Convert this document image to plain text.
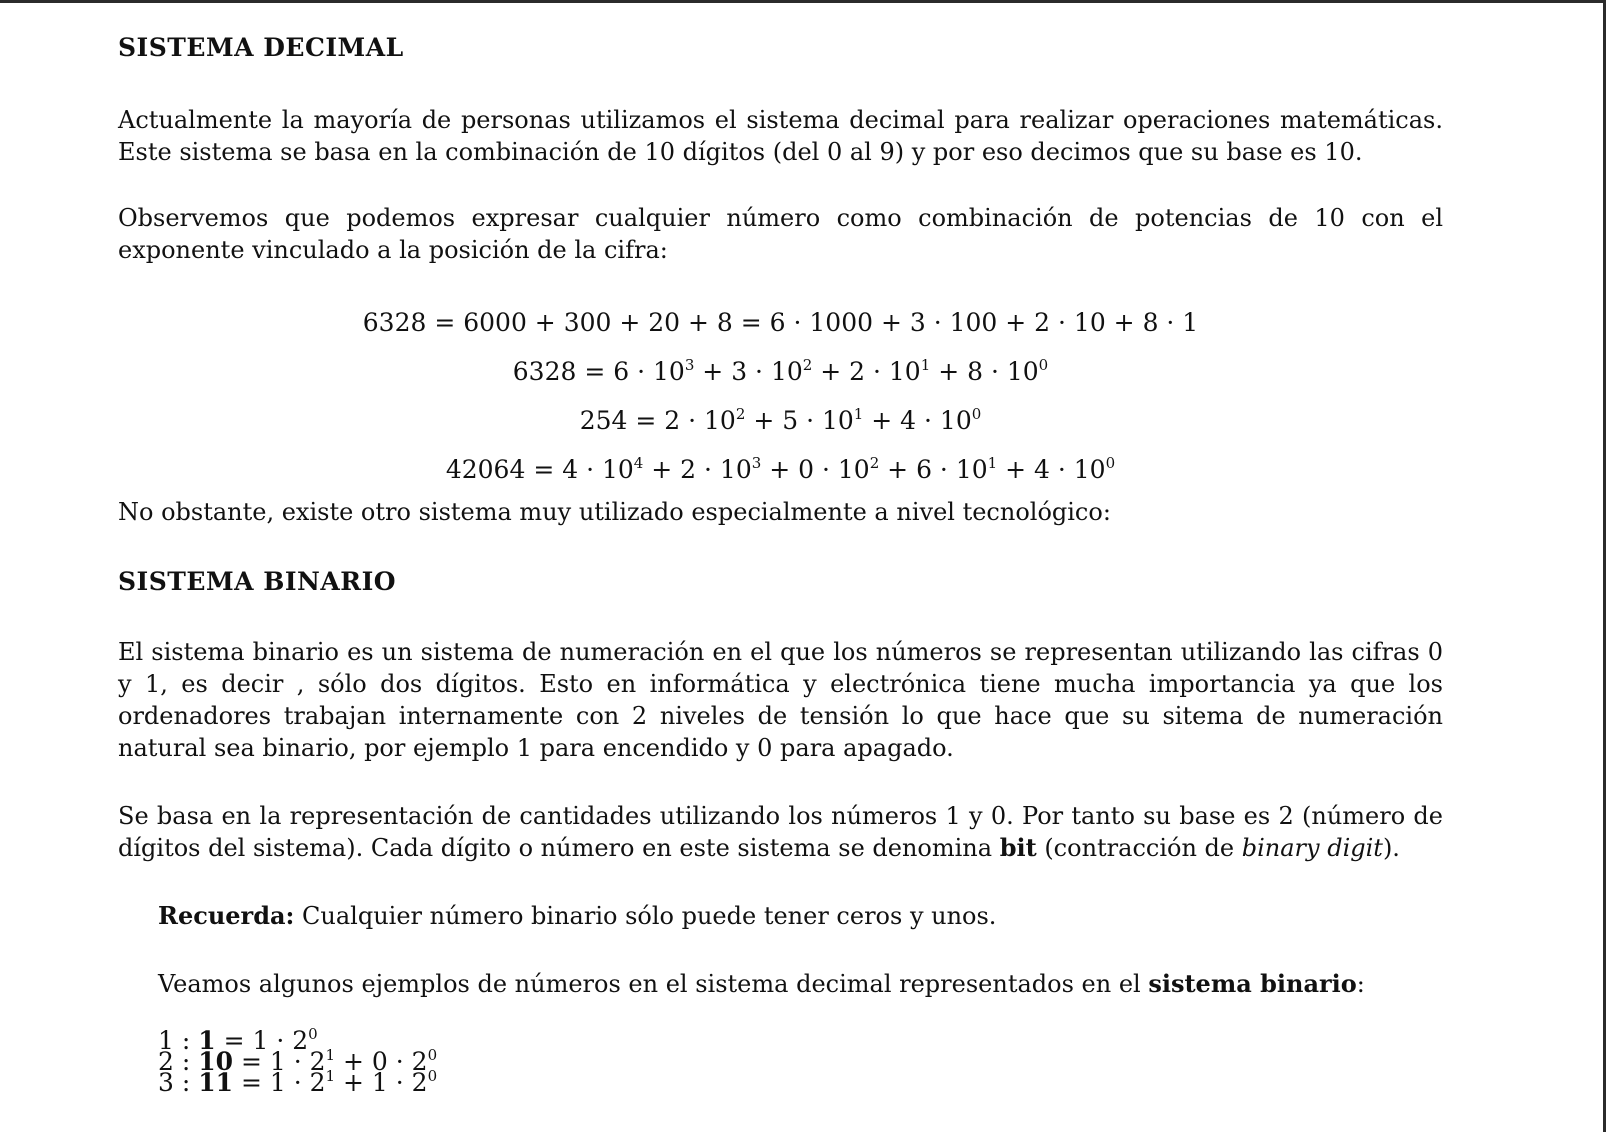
SISTEMA DECIMAL

Actualmente la mayoría de personas utilizamos el sistema decimal para realizar operaciones matemáticas. Este sistema se basa en la combinación de 10 dígitos (del 0 al 9) y por eso decimos que su base es 10.

Observemos que podemos expresar cualquier número como combinación de potencias de 10 con el exponente vinculado a la posición de la cifra:

6328 = 6000 + 300 + 20 + 8 = 6 · 1000 + 3 · 100 + 2 · 10 + 8 · 1
$6328 = 6 \cdot 10^3 + 3 \cdot 10^2 + 2 \cdot 10^1 + 8 \cdot 10^0$
$254 = 2 \cdot 10^2 + 5 \cdot 10^1 + 4 \cdot 10^0$
$42064 = 4 \cdot 10^4 + 2 \cdot 10^3 + 0 \cdot 10^2 + 6 \cdot 10^1 + 4 \cdot 10^0$

No obstante, existe otro sistema muy utilizado especialmente a nivel tecnológico:

SISTEMA BINARIO

El sistema binario es un sistema de numeración en el que los números se representan utilizando las cifras 0 y 1, es decir , sólo dos dígitos. Esto en informática y electrónica tiene mucha importancia ya que los ordenadores trabajan internamente con 2 niveles de tensión lo que hace que su sitema de numeración natural sea binario, por ejemplo 1 para encendido y 0 para apagado.

Se basa en la representación de cantidades utilizando los números 1 y 0. Por tanto su base es 2 (número de dígitos del sistema). Cada dígito o número en este sistema se denomina bit (contracción de binary digit).

Recuerda: Cualquier número binario sólo puede tener ceros y unos.

Veamos algunos ejemplos de números en el sistema decimal representados en el sistema binario:

1 : $1 = 1 \cdot 2^0$
2 : $10 = 1 \cdot 2^1 + 0 \cdot 2^0$
3 : $11 = 1 \cdot 2^1 + 1 \cdot 2^0$
